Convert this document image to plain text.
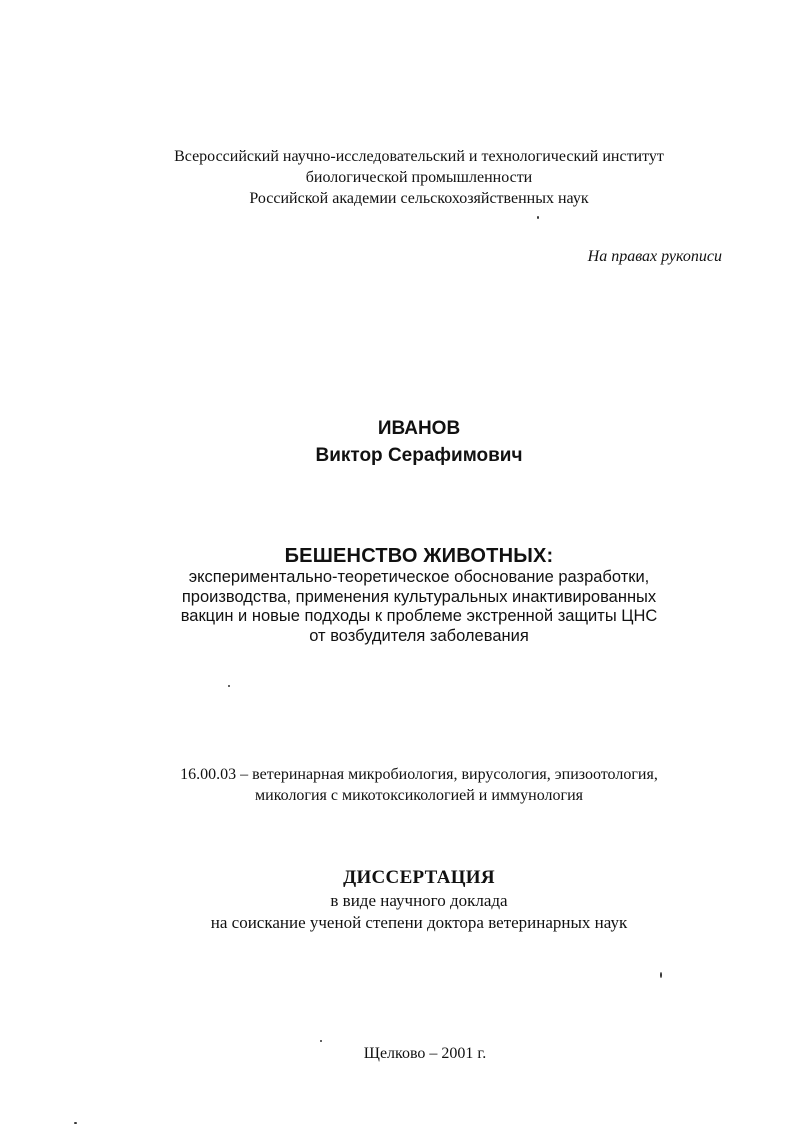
Всероссийский научно-исследовательский и технологический институт
биологической промышленности
Российской академии сельскохозяйственных наук
На правах рукописи
ИВАНОВ
Виктор Серафимович
БЕШЕНСТВО ЖИВОТНЫХ:
экспериментально-теоретическое обоснование разработки,
производства, применения культуральных инактивированных
вакцин и новые подходы к проблеме экстренной защиты ЦНС
от возбудителя заболевания
16.00.03 – ветеринарная микробиология, вирусология, эпизоотология,
микология с микотоксикологией и иммунология
ДИССЕРТАЦИЯ
в виде научного доклада
на соискание ученой степени доктора ветеринарных наук
Щелково – 2001 г.
